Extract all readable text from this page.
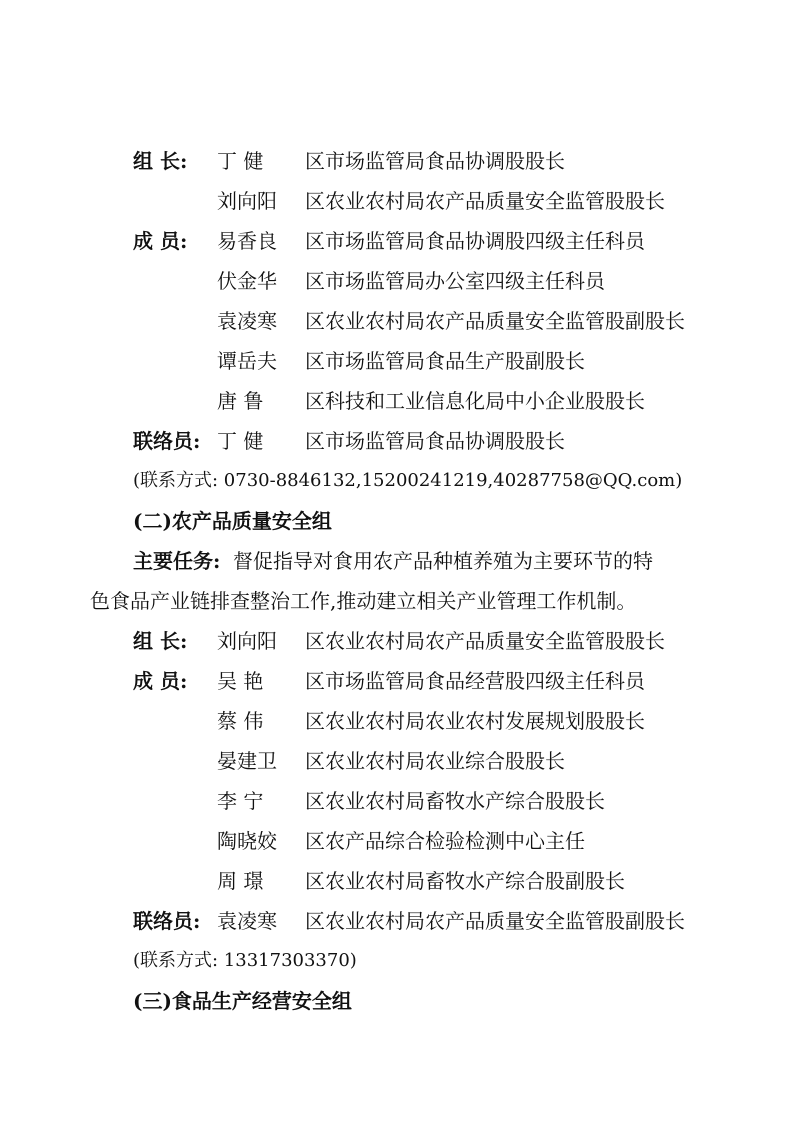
组 长: 丁 健 区市场监管局食品协调股股长
刘向阳 区农业农村局农产品质量安全监管股股长
成 员: 易香良 区市场监管局食品协调股四级主任科员
伏金华 区市场监管局办公室四级主任科员
袁凌寒 区农业农村局农产品质量安全监管股副股长
谭岳夫 区市场监管局食品生产股副股长
唐 鲁 区科技和工业信息化局中小企业股股长
联络员: 丁 健 区市场监管局食品协调股股长
(联系方式: 0730-8846132,15200241219,40287758@QQ.com)
(二)农产品质量安全组
主要任务: 督促指导对食用农产品种植养殖为主要环节的特
色食品产业链排查整治工作,推动建立相关产业管理工作机制。
组 长: 刘向阳 区农业农村局农产品质量安全监管股股长
成 员: 吴 艳 区市场监管局食品经营股四级主任科员
蔡 伟 区农业农村局农业农村发展规划股股长
晏建卫 区农业农村局农业综合股股长
李 宁 区农业农村局畜牧水产综合股股长
陶晓姣 区农产品综合检验检测中心主任
周 璟 区农业农村局畜牧水产综合股副股长
联络员: 袁凌寒 区农业农村局农产品质量安全监管股副股长
(联系方式: 13317303370)
(三)食品生产经营安全组
